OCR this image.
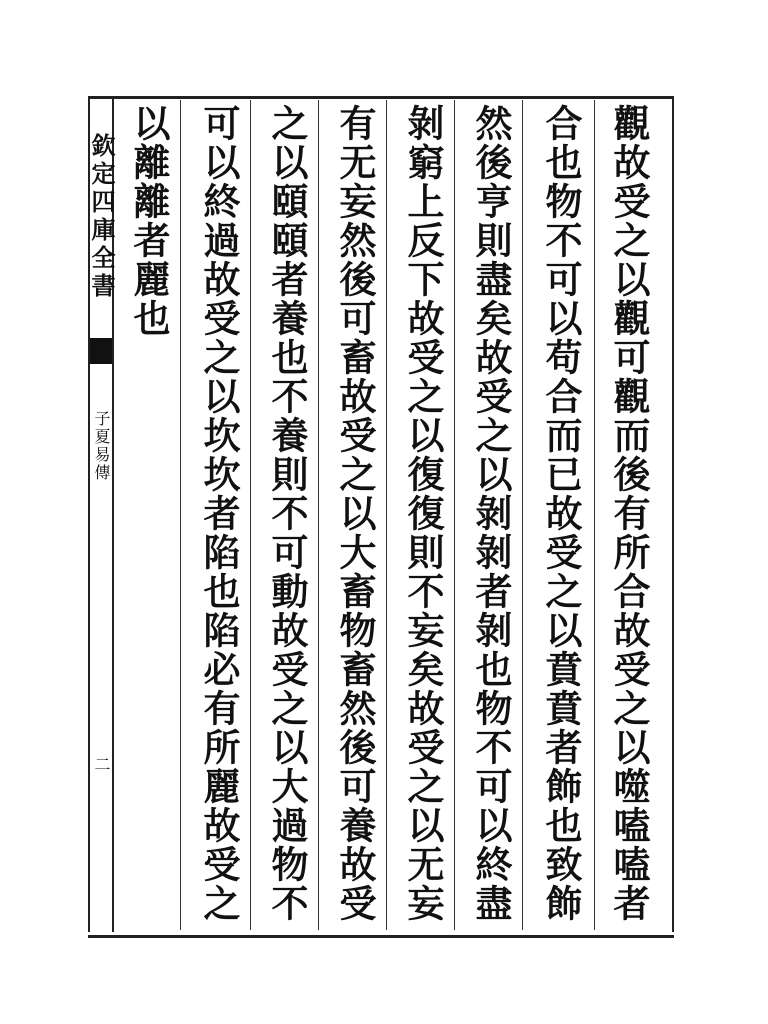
觀故受之以觀可觀而後有所合故受之以噬嗑嗑者
合也物不可以苟合而已故受之以賁賁者飾也致飾
然後亨則盡矣故受之以剝剝者剝也物不可以終盡
剝窮上反下故受之以復復則不妄矣故受之以无妄
有无妄然後可畜故受之以大畜物畜然後可養故受
之以頤頤者養也不養則不可動故受之以大過物不
可以終過故受之以坎坎者陷也陷必有所麗故受之
以離離者麗也
欽定四庫全書
子夏易傳
二
